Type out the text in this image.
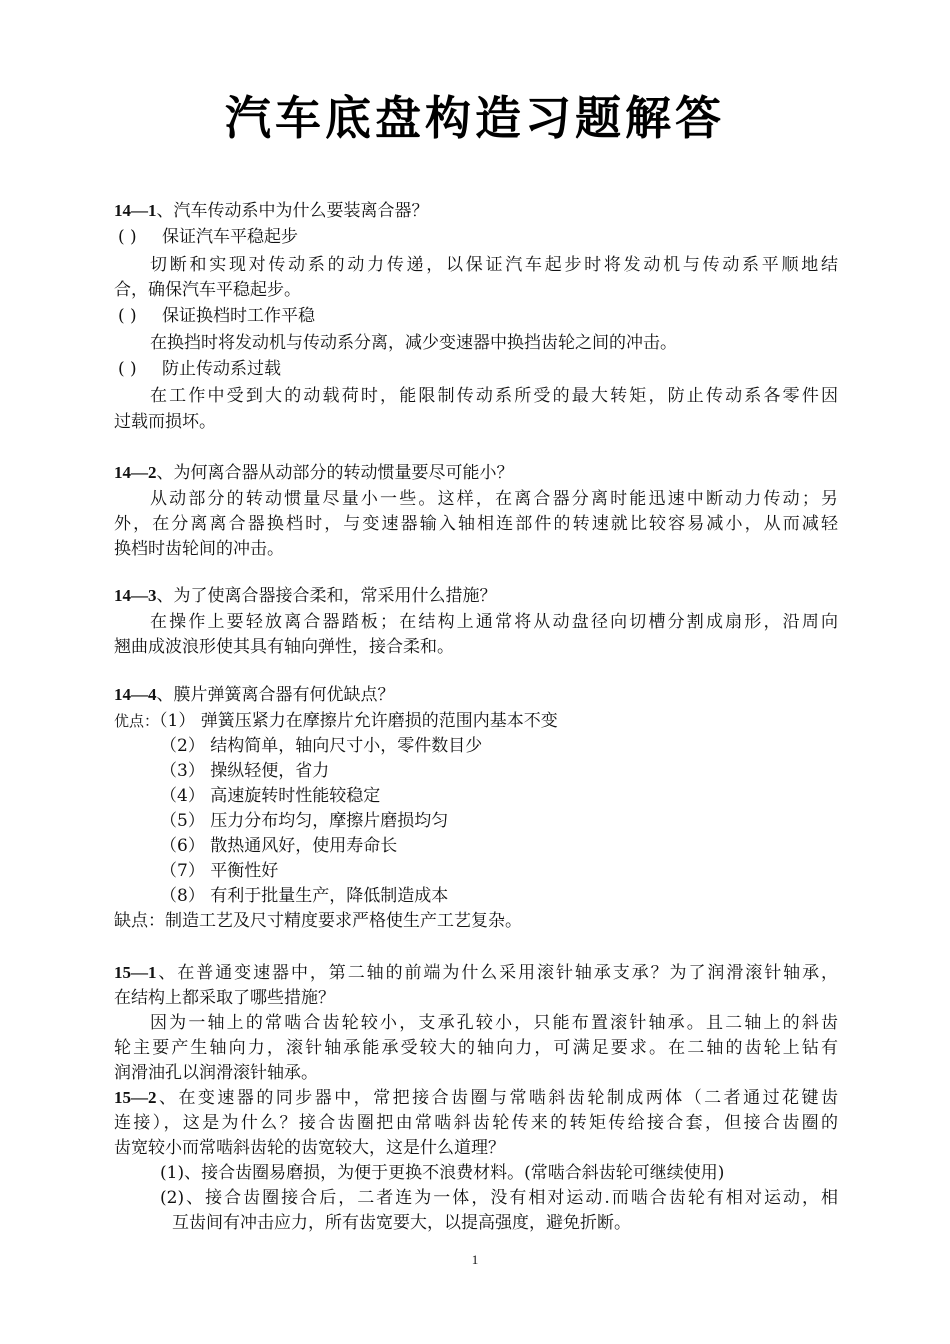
汽车底盘构造习题解答
14—1、汽车传动系中为什么要装离合器？
( ) 保证汽车平稳起步
切断和实现对传动系的动力传递，以保证汽车起步时将发动机与传动系平顺地结
合，确保汽车平稳起步。
( ) 保证换档时工作平稳
在换挡时将发动机与传动系分离，减少变速器中换挡齿轮之间的冲击。
( ) 防止传动系过载
在工作中受到大的动载荷时，能限制传动系所受的最大转矩，防止传动系各零件因
过载而损坏。
14—2、为何离合器从动部分的转动惯量要尽可能小？
从动部分的转动惯量尽量小一些。这样，在离合器分离时能迅速中断动力传动；另
外，在分离离合器换档时，与变速器输入轴相连部件的转速就比较容易减小，从而减轻
换档时齿轮间的冲击。
14—3、为了使离合器接合柔和，常采用什么措施？
在操作上要轻放离合器踏板；在结构上通常将从动盘径向切槽分割成扇形，沿周向
翘曲成波浪形使其具有轴向弹性，接合柔和。
14—4、膜片弹簧离合器有何优缺点？
优点：（1） 弹簧压紧力在摩擦片允许磨损的范围内基本不变
（2） 结构简单，轴向尺寸小，零件数目少
（3） 操纵轻便，省力
（4） 高速旋转时性能较稳定
（5） 压力分布均匀，摩擦片磨损均匀
（6） 散热通风好，使用寿命长
（7） 平衡性好
（8） 有利于批量生产，降低制造成本
缺点：制造工艺及尺寸精度要求严格使生产工艺复杂。
15—1、在普通变速器中，第二轴的前端为什么采用滚针轴承支承？为了润滑滚针轴承，
在结构上都采取了哪些措施？
因为一轴上的常啮合齿轮较小，支承孔较小，只能布置滚针轴承。且二轴上的斜齿
轮主要产生轴向力，滚针轴承能承受较大的轴向力，可满足要求。在二轴的齿轮上钻有
润滑油孔以润滑滚针轴承。
15—2、在变速器的同步器中，常把接合齿圈与常啮斜齿轮制成两体（二者通过花键齿
连接），这是为什么？接合齿圈把由常啮斜齿轮传来的转矩传给接合套，但接合齿圈的
齿宽较小而常啮斜齿轮的齿宽较大，这是什么道理？
(1)、接合齿圈易磨损，为便于更换不浪费材料。(常啮合斜齿轮可继续使用)
(2)、接合齿圈接合后，二者连为一体，没有相对运动.而啮合齿轮有相对运动，相
互齿间有冲击应力，所有齿宽要大，以提高强度，避免折断。
1
